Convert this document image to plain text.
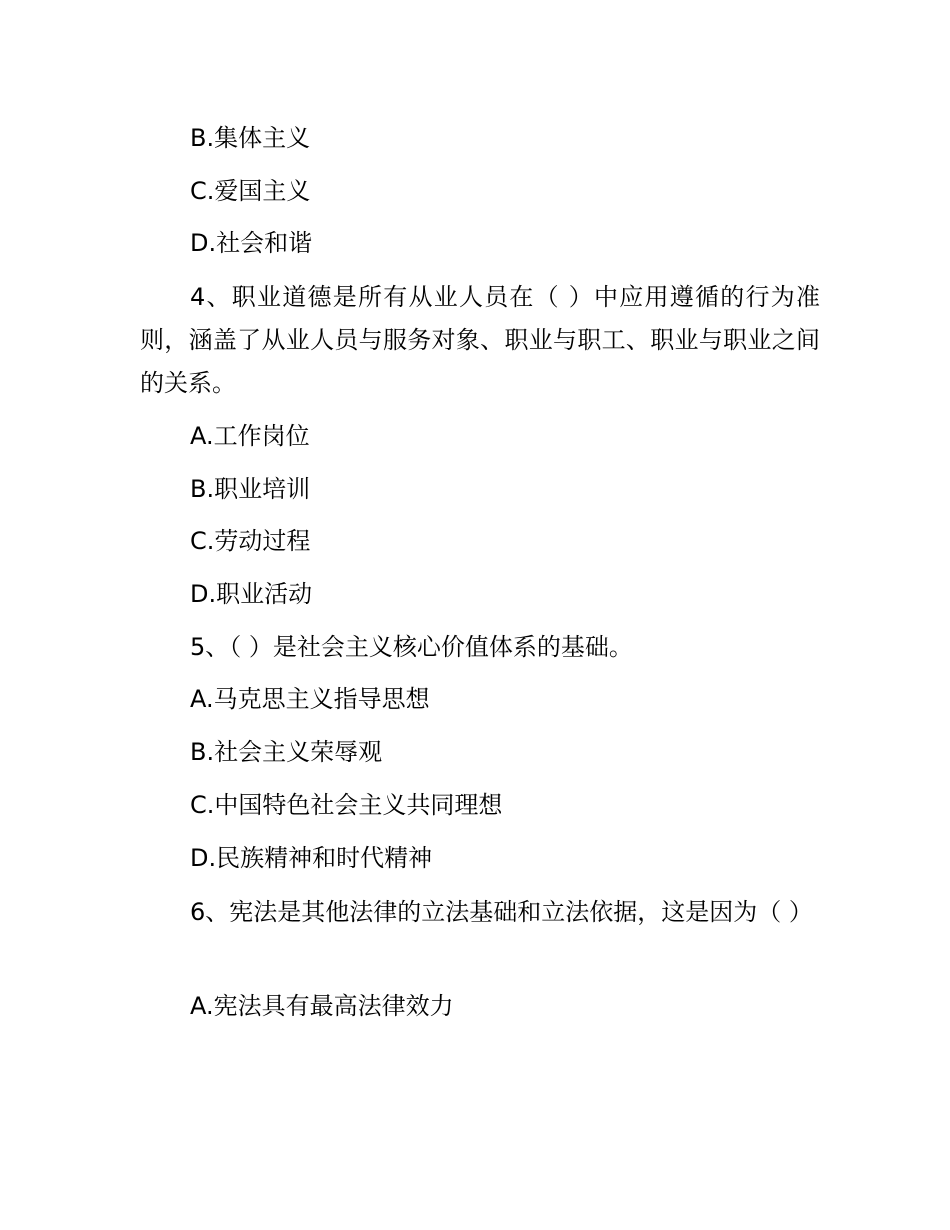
B.集体主义
C.爱国主义
D.社会和谐
4、职业道德是所有从业人员在（ ）中应用遵循的行为准则，涵盖了从业人员与服务对象、职业与职工、职业与职业之间的关系。
A.工作岗位
B.职业培训
C.劳动过程
D.职业活动
5、（ ）是社会主义核心价值体系的基础。
A.马克思主义指导思想
B.社会主义荣辱观
C.中国特色社会主义共同理想
D.民族精神和时代精神
6、宪法是其他法律的立法基础和立法依据，这是因为（ ）
A.宪法具有最高法律效力
